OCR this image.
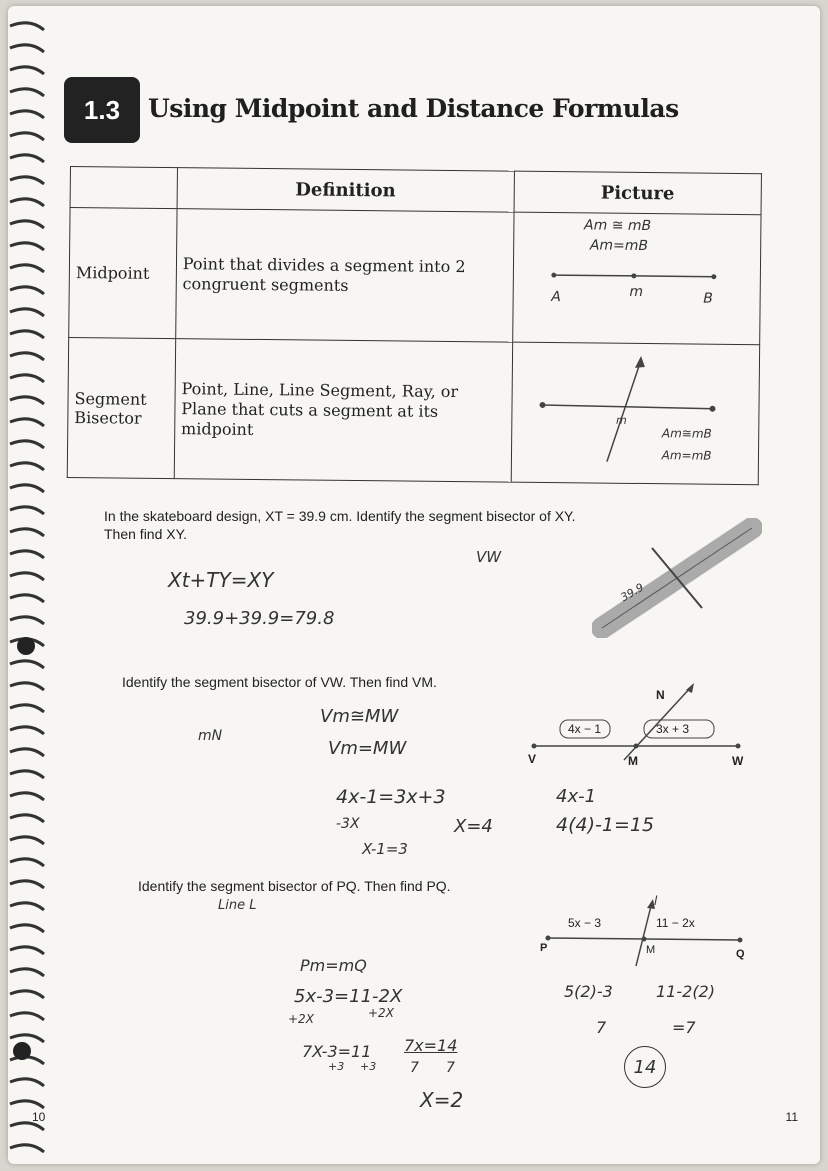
1.3 Using Midpoint and Distance Formulas
	Definition	Picture
Midpoint	Point that divides a segment into 2 congruent segments	Am ≅ mB
Am=mB
A m B

Segment Bisector	Point, Line, Line Segment, Ray, or Plane that cuts a segment at its midpoint	m
Am≅mB
Am=mB
In the skateboard design, XT = 39.9 cm. Identify the segment bisector of XY.
Then find XY.
VW
Xt+TY=XY
39.9+39.9=79.8
39.9
Identify the segment bisector of VW. Then find VM.
mN
Vm≅MW
Vm=MW
4x-1=3x+3
-3X
X-1=3
X=4
4x-1
4(4)-1=15
4x − 1	3x + 3
N
V	M	W
Identify the segment bisector of PQ. Then find PQ.
Line L
Pm=mQ
5x-3=11-2X
+2X	+2X
7X-3=11
+3 +3
7x=14
7 7
X=2
5(2)-3	11-2(2)
7	=7
14
5x − 3	11 − 2x
P	M	Q
l
10	11
